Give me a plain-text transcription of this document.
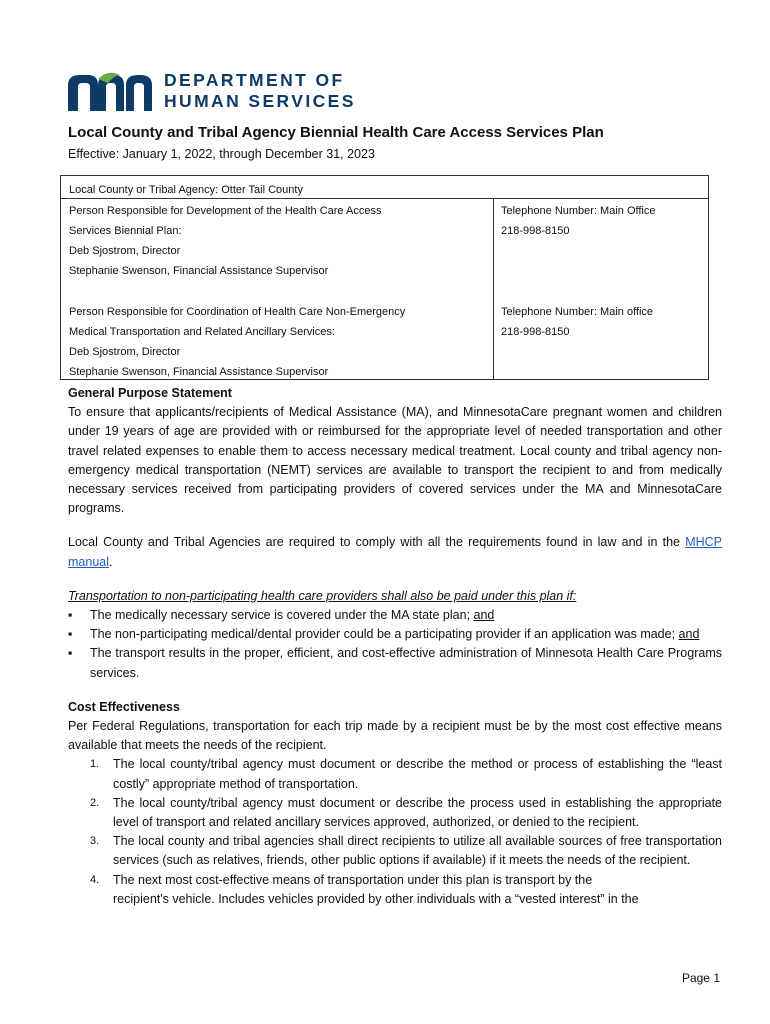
DEPARTMENT OF
HUMAN SERVICES
Local County and Tribal Agency Biennial Health Care Access Services Plan
Effective: January 1, 2022, through December 31, 2023
Local County or Tribal Agency: Otter Tail County
Person Responsible for Development of the Health Care Access
Services Biennial Plan:
Deb Sjostrom, Director
Stephanie Swenson, Financial Assistance Supervisor
Telephone Number: Main Office
218-998-8150
Person Responsible for Coordination of Health Care Non-Emergency
Medical Transportation and Related Ancillary Services:
Deb Sjostrom, Director
Stephanie Swenson, Financial Assistance Supervisor
Telephone Number: Main office
218-998-8150

General Purpose Statement

To ensure that applicants/recipients of Medical Assistance (MA), and MinnesotaCare pregnant women and children under 19 years of age are provided with or reimbursed for the appropriate level of needed transportation and other travel related expenses to enable them to access necessary medical treatment. Local county and tribal agency non-emergency medical transportation (NEMT) services are available to transport the recipient to and from medically necessary services received from participating providers of covered services under the MA and MinnesotaCare programs.

Local County and Tribal Agencies are required to comply with all the requirements found in law and in the MHCP manual.

Transportation to non-participating health care providers shall also be paid under this plan if:

▪ The medically necessary service is covered under the MA state plan; and
▪ The non-participating medical/dental provider could be a participating provider if an application was made; and
▪ The transport results in the proper, efficient, and cost-effective administration of Minnesota Health Care Programs services.

Cost Effectiveness

Per Federal Regulations, transportation for each trip made by a recipient must be by the most cost effective means available that meets the needs of the recipient.

1. The local county/tribal agency must document or describe the method or process of establishing the “least costly” appropriate method of transportation.
2. The local county/tribal agency must document or describe the process used in establishing the appropriate level of transport and related ancillary services approved, authorized, or denied to the recipient.
3. The local county and tribal agencies shall direct recipients to utilize all available sources of free transportation services (such as relatives, friends, other public options if available) if it meets the needs of the recipient.
4. The next most cost-effective means of transportation under this plan is transport by the
recipient's vehicle. Includes vehicles provided by other individuals with a “vested interest” in the
Page 1
